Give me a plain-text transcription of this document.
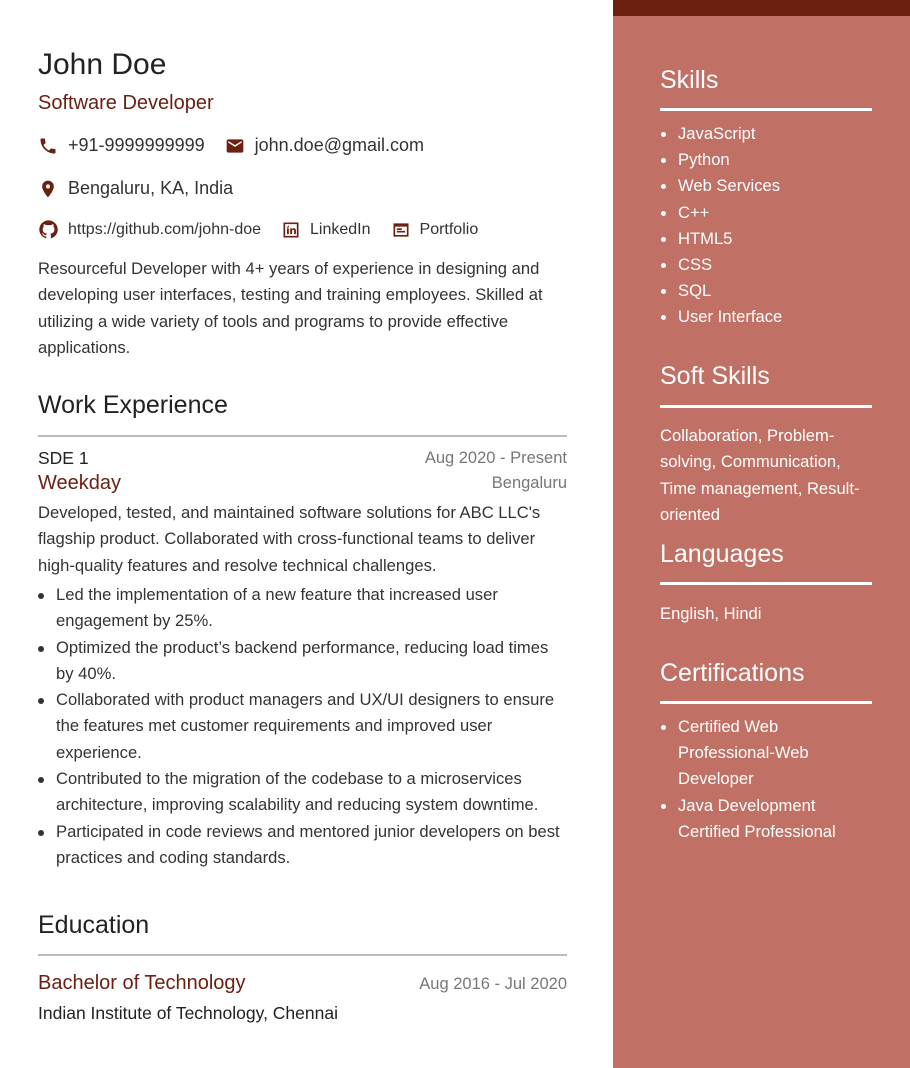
John Doe
Software Developer
+91-9999999999	john.doe@gmail.com
Bengaluru, KA, India
https://github.com/john-doe	LinkedIn	Portfolio
Resourceful Developer with 4+ years of experience in designing and developing user interfaces, testing and training employees. Skilled at utilizing a wide variety of tools and programs to provide effective applications.
Work Experience
SDE 1	Aug 2020 - Present
Weekday	Bengaluru
Developed, tested, and maintained software solutions for ABC LLC's flagship product. Collaborated with cross-functional teams to deliver high-quality features and resolve technical challenges.
Led the implementation of a new feature that increased user engagement by 25%.
Optimized the product’s backend performance, reducing load times by 40%.
Collaborated with product managers and UX/UI designers to ensure the features met customer requirements and improved user experience.
Contributed to the migration of the codebase to a microservices architecture, improving scalability and reducing system downtime.
Participated in code reviews and mentored junior developers on best practices and coding standards.
Education
Bachelor of Technology	Aug 2016 - Jul 2020
Indian Institute of Technology, Chennai
Skills
JavaScript
Python
Web Services
C++
HTML5
CSS
SQL
User Interface
Soft Skills
Collaboration, Problem-solving, Communication, Time management, Result-oriented
Languages
English, Hindi
Certifications
Certified Web Professional-Web Developer
Java Development Certified Professional
